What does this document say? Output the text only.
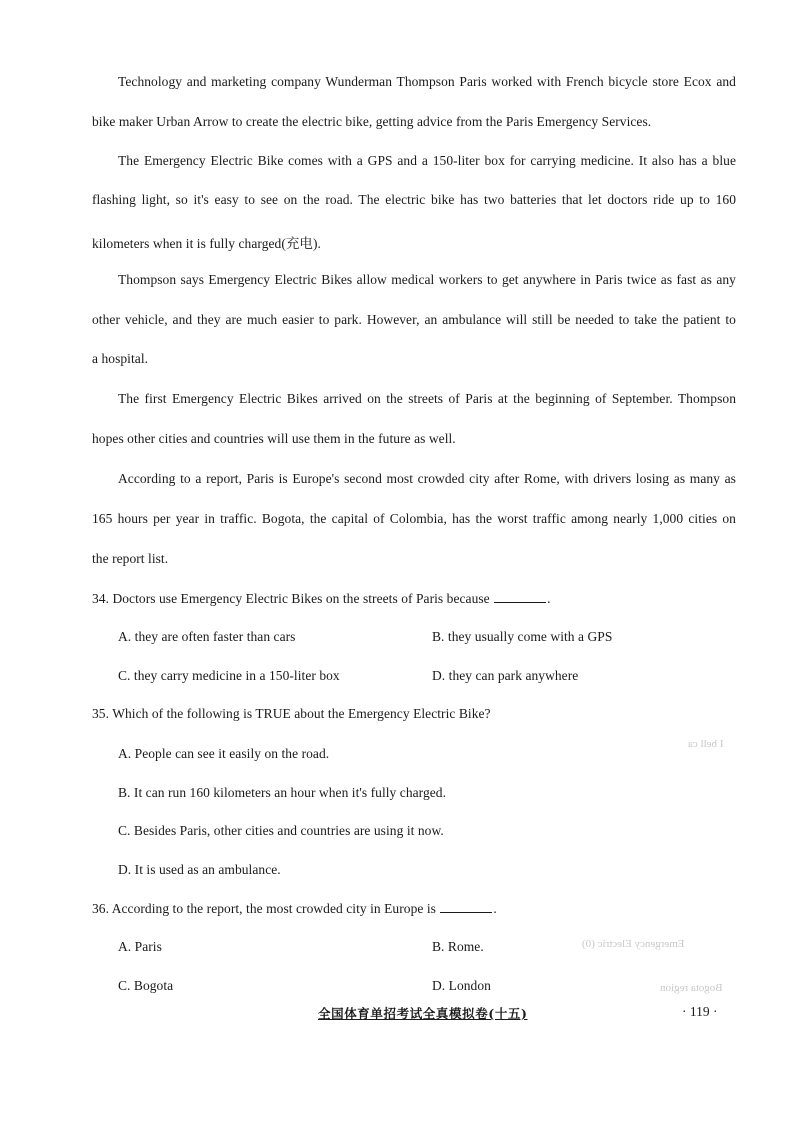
Technology and marketing company Wunderman Thompson Paris worked with French bicycle store Ecox and
bike maker Urban Arrow to create the electric bike, getting advice from the Paris Emergency Services.
The Emergency Electric Bike comes with a GPS and a 150-liter box for carrying medicine. It also has a blue
flashing light, so it's easy to see on the road. The electric bike has two batteries that let doctors ride up to 160
kilometers when it is fully charged(充电).
Thompson says Emergency Electric Bikes allow medical workers to get anywhere in Paris twice as fast as any
other vehicle, and they are much easier to park. However, an ambulance will still be needed to take the patient to
a hospital.
The first Emergency Electric Bikes arrived on the streets of Paris at the beginning of September. Thompson
hopes other cities and countries will use them in the future as well.
According to a report, Paris is Europe's second most crowded city after Rome, with drivers losing as many as
165 hours per year in traffic. Bogota, the capital of Colombia, has the worst traffic among nearly 1,000 cities on
the report list.
34. Doctors use Emergency Electric Bikes on the streets of Paris because	.
A. they are often faster than cars	B. they usually come with a GPS
C. they carry medicine in a 150-liter box	D. they can park anywhere
35. Which of the following is TRUE about the Emergency Electric Bike?
A. People can see it easily on the road.
B. It can run 160 kilometers an hour when it's fully charged.
C. Besides Paris, other cities and countries are using it now.
D. It is used as an ambulance.
36. According to the report, the most crowded city in Europe is	.
A. Paris	B. Rome.
C. Bogota	D. London
I bell ca
Emergency Electric (0)
Bogota region
全国体育单招考试全真模拟卷(十五)	· 119 ·
